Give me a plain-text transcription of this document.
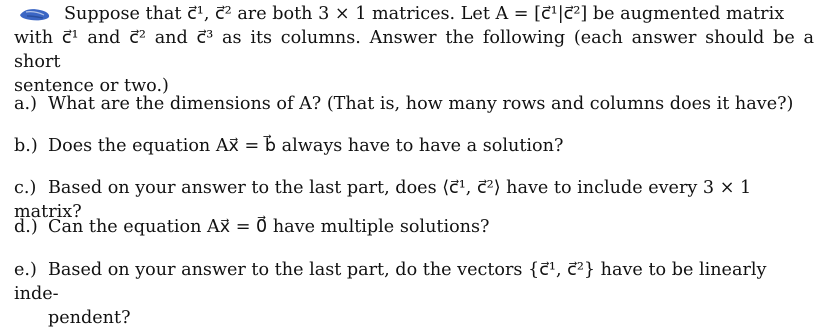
Suppose that c⃗¹, c⃗² are both 3 × 1 matrices. Let A = [c⃗¹|c⃗²] be augmented matrix
with c⃗¹ and c⃗² and c⃗³ as its columns. Answer the following (each answer should be a short
sentence or two.)
a.) What are the dimensions of A? (That is, how many rows and columns does it have?)
b.) Does the equation Ax⃗ = b⃗ always have to have a solution?
c.) Based on your answer to the last part, does ⟨c⃗¹, c⃗²⟩ have to include every 3 × 1 matrix?
d.) Can the equation Ax⃗ = 0⃗ have multiple solutions?
e.) Based on your answer to the last part, do the vectors {c⃗¹, c⃗²} have to be linearly inde-
pendent?
